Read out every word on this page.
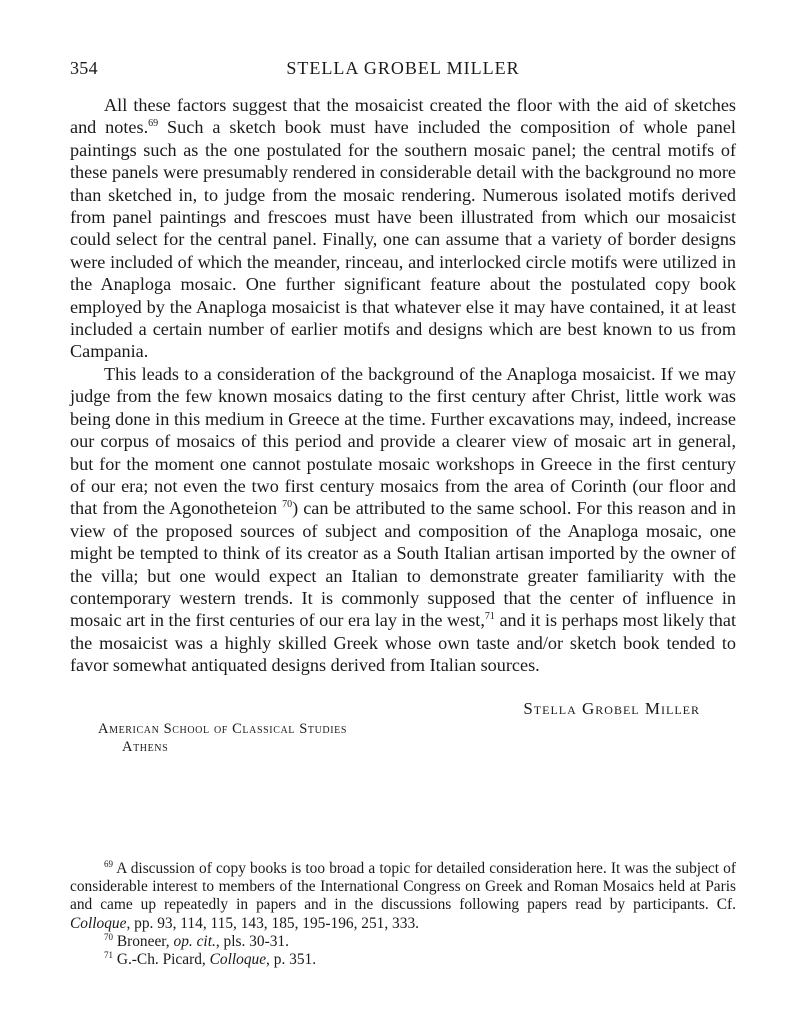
354	STELLA GROBEL MILLER

All these factors suggest that the mosaicist created the floor with the aid of sketches and notes.$^{69}$ Such a sketch book must have included the composition of whole panel paintings such as the one postulated for the southern mosaic panel; the central motifs of these panels were presumably rendered in considerable detail with the background no more than sketched in, to judge from the mosaic rendering. Numerous isolated motifs derived from panel paintings and frescoes must have been illustrated from which our mosaicist could select for the central panel. Finally, one can assume that a variety of border designs were included of which the meander, rinceau, and interlocked circle motifs were utilized in the Anaploga mosaic. One further significant feature about the postulated copy book employed by the Anaploga mosaicist is that whatever else it may have contained, it at least included a certain number of earlier motifs and designs which are best known to us from Campania.

This leads to a consideration of the background of the Anaploga mosaicist. If we may judge from the few known mosaics dating to the first century after Christ, little work was being done in this medium in Greece at the time. Further excavations may, indeed, increase our corpus of mosaics of this period and provide a clearer view of mosaic art in general, but for the moment one cannot postulate mosaic workshops in Greece in the first century of our era; not even the two first century mosaics from the area of Corinth (our floor and that from the Agonotheteion $^{70}$) can be attributed to the same school. For this reason and in view of the proposed sources of subject and composition of the Anaploga mosaic, one might be tempted to think of its creator as a South Italian artisan imported by the owner of the villa; but one would expect an Italian to demonstrate greater familiarity with the contemporary western trends. It is commonly supposed that the center of influence in mosaic art in the first centuries of our era lay in the west,$^{71}$ and it is perhaps most likely that the mosaicist was a highly skilled Greek whose own taste and/or sketch book tended to favor somewhat antiquated designs derived from Italian sources.

Stella Grobel Miller
American School of Classical Studies
Athens

$^{69}$ A discussion of copy books is too broad a topic for detailed consideration here. It was the subject of considerable interest to members of the International Congress on Greek and Roman Mosaics held at Paris and came up repeatedly in papers and in the discussions following papers read by participants. Cf. Colloque, pp. 93, 114, 115, 143, 185, 195-196, 251, 333.

$^{70}$ Broneer, op. cit., pls. 30-31.

$^{71}$ G.-Ch. Picard, Colloque, p. 351.
